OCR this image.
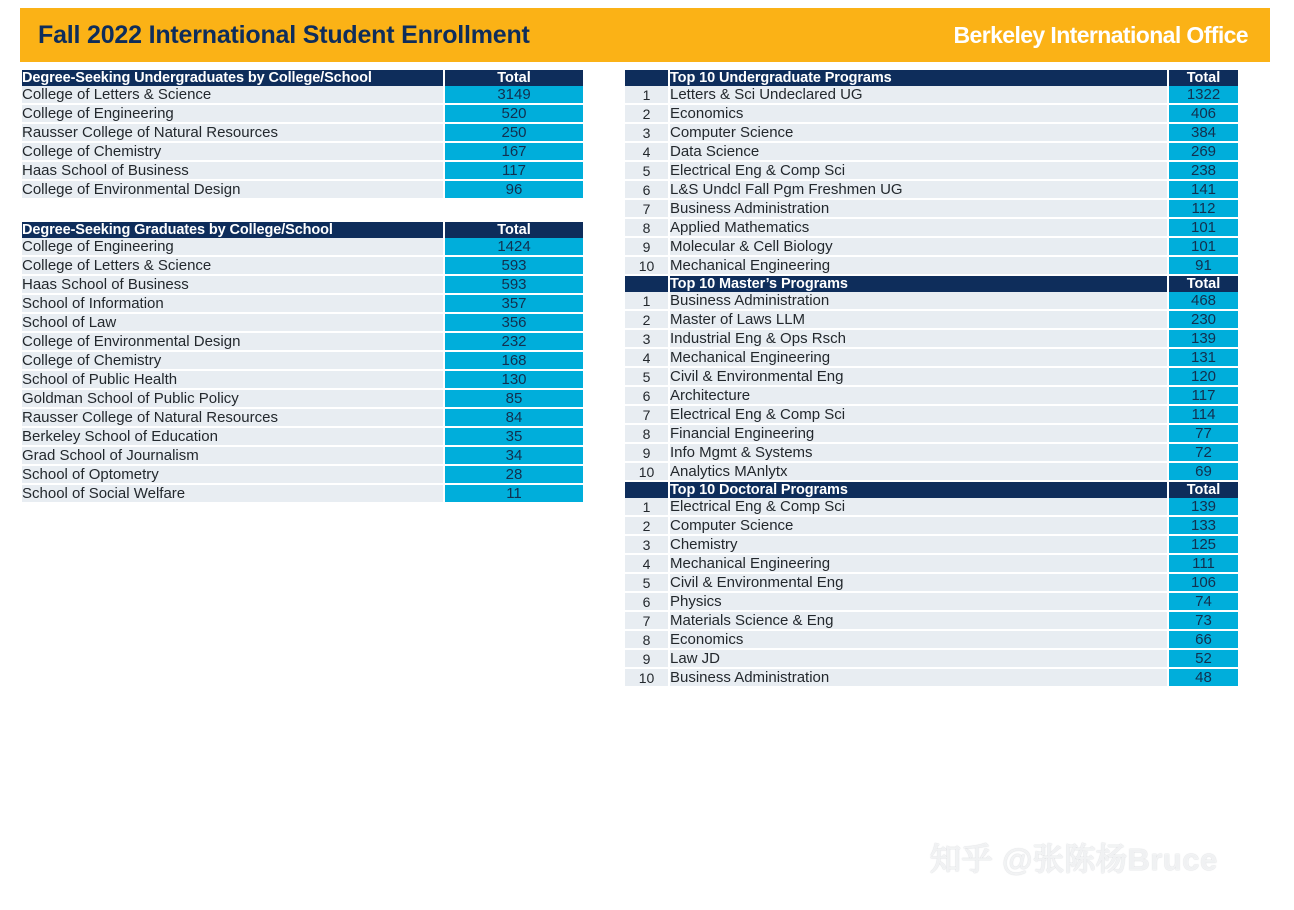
Fall 2022 International Student Enrollment	Berkeley International Office
Degree-Seeking Undergraduates by College/School	Total
College of Letters & Science	3149
College of Engineering	520
Rausser College of Natural Resources	250
College of Chemistry	167
Haas School of Business	117
College of Environmental Design	96
Degree-Seeking Graduates by College/School	Total
College of Engineering	1424
College of Letters & Science	593
Haas School of Business	593
School of Information	357
School of Law	356
College of Environmental Design	232
College of Chemistry	168
School of Public Health	130
Goldman School of Public Policy	85
Rausser College of Natural Resources	84
Berkeley School of Education	35
Grad School of Journalism	34
School of Optometry	28
School of Social Welfare	11
	Top 10 Undergraduate Programs	Total
1	Letters & Sci Undeclared UG	1322
2	Economics	406
3	Computer Science	384
4	Data Science	269
5	Electrical Eng & Comp Sci	238
6	L&S Undcl Fall Pgm Freshmen UG	141
7	Business Administration	112
8	Applied Mathematics	101
9	Molecular & Cell Biology	101
10	Mechanical Engineering	91
	Top 10 Master’s Programs	Total
1	Business Administration	468
2	Master of Laws LLM	230
3	Industrial Eng & Ops Rsch	139
4	Mechanical Engineering	131
5	Civil & Environmental Eng	120
6	Architecture	117
7	Electrical Eng & Comp Sci	114
8	Financial Engineering	77
9	Info Mgmt & Systems	72
10	Analytics MAnlytx	69
	Top 10 Doctoral Programs	Total
1	Electrical Eng & Comp Sci	139
2	Computer Science	133
3	Chemistry	125
4	Mechanical Engineering	111
5	Civil & Environmental Eng	106
6	Physics	74
7	Materials Science & Eng	73
8	Economics	66
9	Law JD	52
10	Business Administration	48
知乎 @张陈杨Bruce
